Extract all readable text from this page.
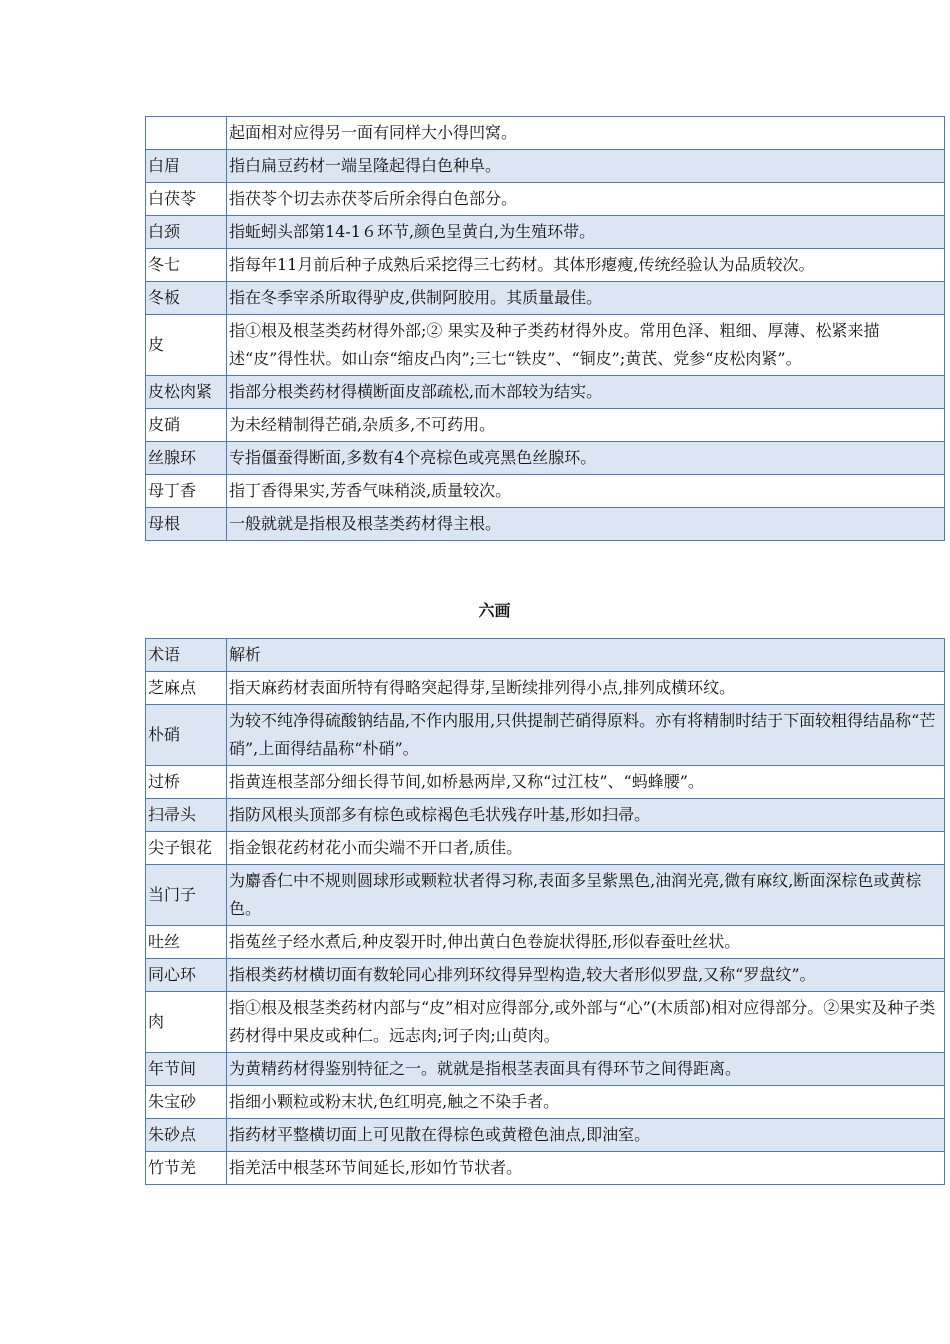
	起面相对应得另一面有同样大小得凹窝。
白眉	指白扁豆药材一端呈隆起得白色种阜。
白茯苓	指茯苓个切去赤茯苓后所余得白色部分。
白颈	指蚯蚓头部第14-1６环节,颜色呈黄白,为生殖环带。
冬七	指每年11月前后种子成熟后采挖得三七药材。其体形瘪瘦,传统经验认为品质较次。
冬板	指在冬季宰杀所取得驴皮,供制阿胶用。其质量最佳。
皮	指①根及根茎类药材得外部;② 果实及种子类药材得外皮。常用色泽、粗细、厚薄、松紧来描述“皮”得性状。如山奈“缩皮凸肉”;三七“铁皮”、“铜皮”;黄芪、党参“皮松肉紧”。
皮松肉紧	指部分根类药材得横断面皮部疏松,而木部较为结实。
皮硝	为未经精制得芒硝,杂质多,不可药用。
丝腺环	专指僵蚕得断面,多数有4个亮棕色或亮黑色丝腺环。
母丁香	指丁香得果实,芳香气味稍淡,质量较次。
母根	一般就就是指根及根茎类药材得主根。
六画
术语	解析
芝麻点	指天麻药材表面所特有得略突起得芽,呈断续排列得小点,排列成横环纹。
朴硝	为较不纯净得硫酸钠结晶,不作内服用,只供提制芒硝得原料。亦有将精制时结于下面较粗得结晶称“芒硝”,上面得结晶称“朴硝”。
过桥	指黄连根茎部分细长得节间,如桥悬两岸,又称“过江枝”、“蚂蜂腰”。
扫帚头	指防风根头顶部多有棕色或棕褐色毛状残存叶基,形如扫帚。
尖子银花	指金银花药材花小而尖端不开口者,质佳。
当门子	为麝香仁中不规则圆球形或颗粒状者得习称,表面多呈紫黑色,油润光亮,微有麻纹,断面深棕色或黄棕色。
吐丝	指菟丝子经水煮后,种皮裂开时,伸出黄白色卷旋状得胚,形似春蚕吐丝状。
同心环	指根类药材横切面有数轮同心排列环纹得异型构造,较大者形似罗盘,又称“罗盘纹”。
肉	指①根及根茎类药材内部与“皮”相对应得部分,或外部与“心”(木质部)相对应得部分。②果实及种子类药材得中果皮或种仁。远志肉;诃子肉;山萸肉。
年节间	为黄精药材得鉴别特征之一。就就是指根茎表面具有得环节之间得距离。
朱宝砂	指细小颗粒或粉末状,色红明亮,触之不染手者。
朱砂点	指药材平整横切面上可见散在得棕色或黄橙色油点,即油室。
竹节羌	指羌活中根茎环节间延长,形如竹节状者。
